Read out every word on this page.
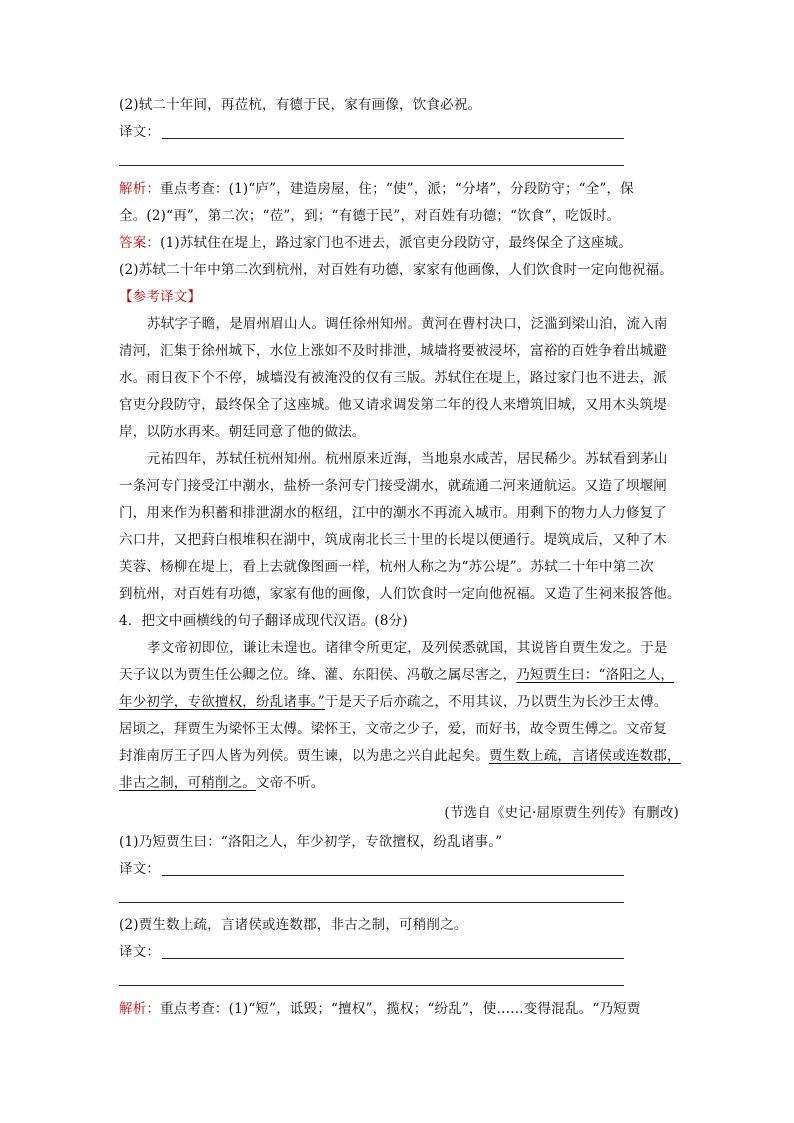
(2)轼二十年间，再莅杭，有德于民，家有画像，饮食必祝。
译文：
解析：重点考查：(1)“庐”，建造房屋，住；“使”，派；“分堵”，分段防守；“全”，保
全。(2)“再”，第二次；“莅”，到；“有德于民”，对百姓有功德；“饮食”，吃饭时。
答案：(1)苏轼住在堤上，路过家门也不进去，派官吏分段防守，最终保全了这座城。
(2)苏轼二十年中第二次到杭州，对百姓有功德，家家有他画像，人们饮食时一定向他祝福。
【参考译文】
苏轼字子瞻，是眉州眉山人。调任徐州知州。黄河在曹村决口，泛滥到梁山泊，流入南
清河，汇集于徐州城下，水位上涨如不及时排泄，城墙将要被浸坏，富裕的百姓争着出城避
水。雨日夜下个不停，城墙没有被淹没的仅有三版。苏轼住在堤上，路过家门也不进去，派
官吏分段防守，最终保全了这座城。他又请求调发第二年的役人来增筑旧城，又用木头筑堤
岸，以防水再来。朝廷同意了他的做法。
元祐四年，苏轼任杭州知州。杭州原来近海，当地泉水咸苦，居民稀少。苏轼看到茅山
一条河专门接受江中潮水，盐桥一条河专门接受湖水，就疏通二河来通航运。又造了坝堰闸
门，用来作为积蓄和排泄湖水的枢纽，江中的潮水不再流入城市。用剩下的物力人力修复了
六口井，又把葑白根堆积在湖中，筑成南北长三十里的长堤以便通行。堤筑成后，又种了木
芙蓉、杨柳在堤上，看上去就像图画一样，杭州人称之为“苏公堤”。苏轼二十年中第二次
到杭州，对百姓有功德，家家有他的画像，人们饮食时一定向他祝福。又造了生祠来报答他。
4．把文中画横线的句子翻译成现代汉语。(8分)
孝文帝初即位，谦让未遑也。诸律令所更定，及列侯悉就国，其说皆自贾生发之。于是
天子议以为贾生任公卿之位。绛、灌、东阳侯、冯敬之属尽害之，乃短贾生曰：“洛阳之人，
年少初学，专欲擅权，纷乱诸事。”于是天子后亦疏之，不用其议，乃以贾生为长沙王太傅。
居顷之，拜贾生为梁怀王太傅。梁怀王，文帝之少子，爱，而好书，故令贾生傅之。文帝复
封淮南厉王子四人皆为列侯。贾生谏，以为患之兴自此起矣。贾生数上疏，言诸侯或连数郡，
非古之制，可稍削之。文帝不听。
(节选自《史记·屈原贾生列传》有删改)
(1)乃短贾生曰：“洛阳之人，年少初学，专欲擅权，纷乱诸事。”
译文：
(2)贾生数上疏，言诸侯或连数郡，非古之制，可稍削之。
译文：
解析：重点考查：(1)“短”，诋毁；“擅权”，揽权；“纷乱”，使……变得混乱。“乃短贾
